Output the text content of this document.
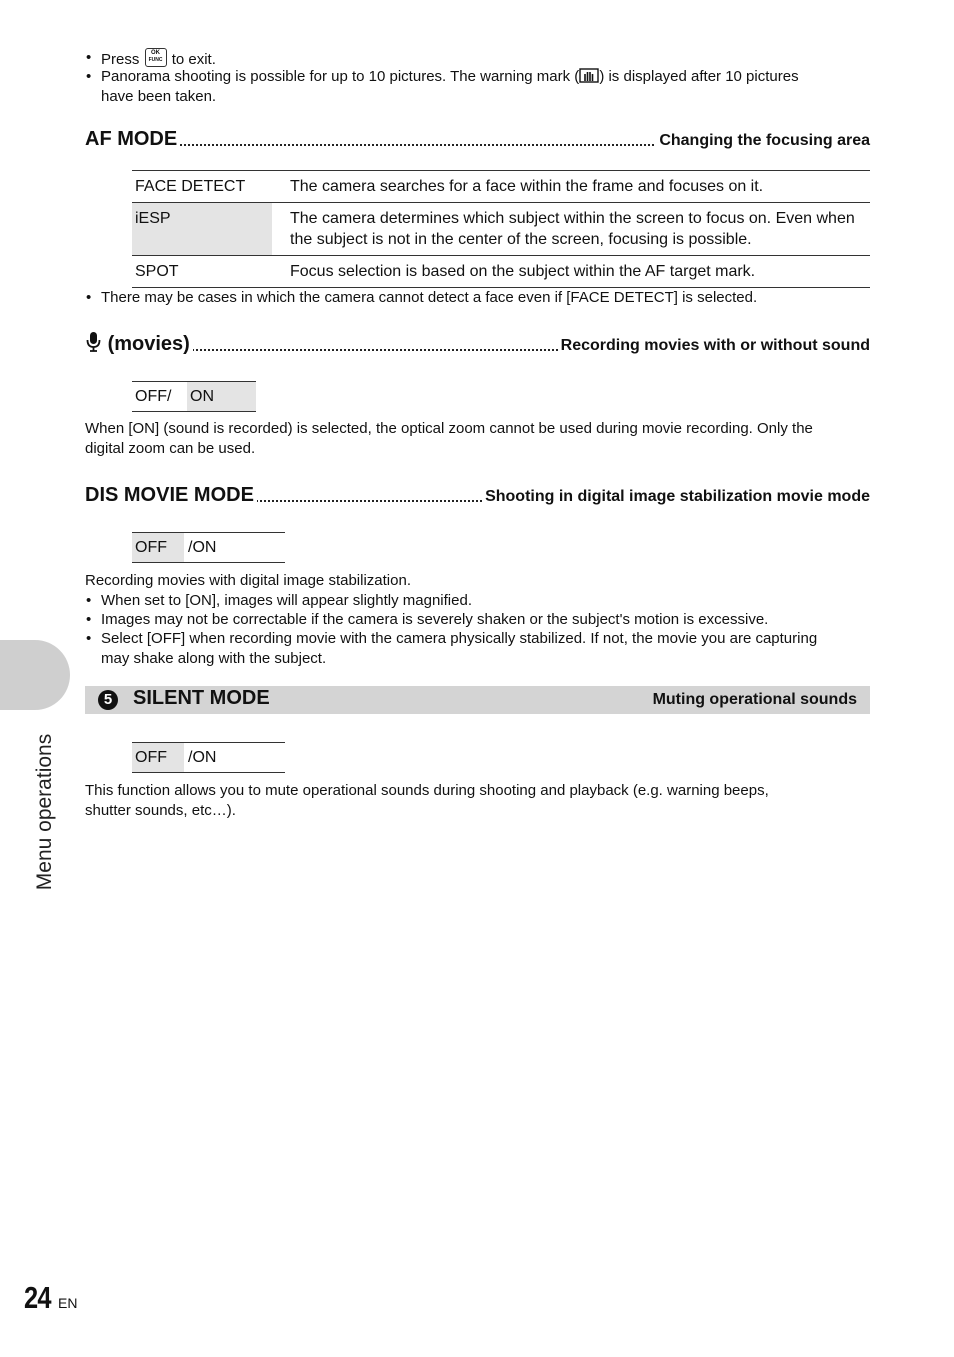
• Press	OK
FUNC to exit.
• Panorama shooting is possible for up to 10 pictures. The warning mark ( ) is displayed after 10 pictures
have been taken.
AF MODE	Changing the focusing area
FACE DETECT	The camera searches for a face within the frame and focuses on it.
iESP	The camera determines which subject within the screen to focus on. Even when the subject is not in the center of the screen, focusing is possible.
SPOT	Focus selection is based on the subject within the AF target mark.
• There may be cases in which the camera cannot detect a face even if [FACE DETECT] is selected.
(movies)	Recording movies with or without sound
OFF/	ON
When [ON] (sound is recorded) is selected, the optical zoom cannot be used during movie recording. Only the
digital zoom can be used.
DIS MOVIE MODE	Shooting in digital image stabilization movie mode
OFF	/ON
Recording movies with digital image stabilization.
• When set to [ON], images will appear slightly magnified.
• Images may not be correctable if the camera is severely shaken or the subject's motion is excessive.
• Select [OFF] when recording movie with the camera physically stabilized. If not, the movie you are capturing
may shake along with the subject.
5 SILENT MODE	Muting operational sounds
OFF	/ON
This function allows you to mute operational sounds during shooting and playback (e.g. warning beeps,
shutter sounds, etc…).
Menu operations
24 EN
